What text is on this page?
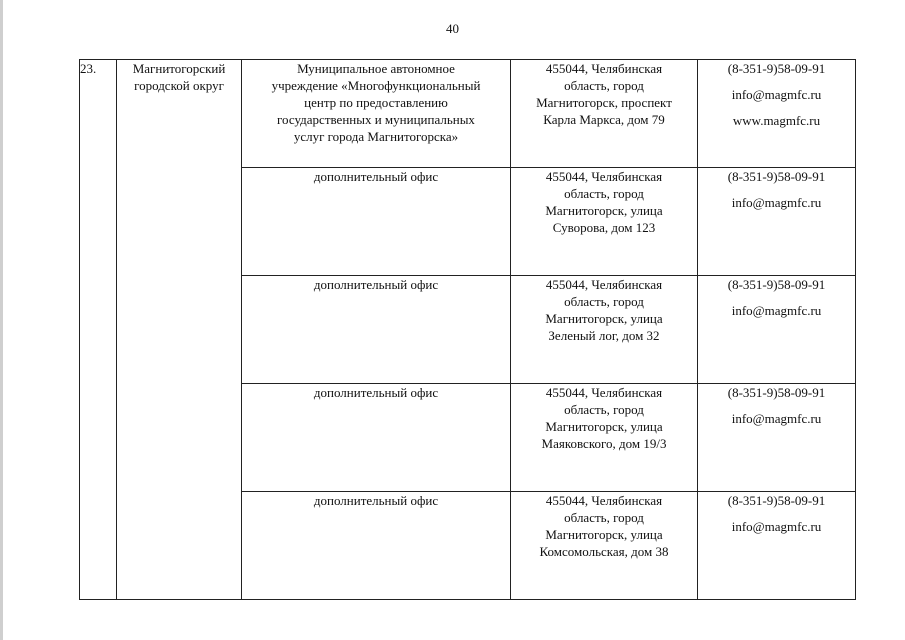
40
23.	Магнитогорский
городской округ	Муниципальное автономное
учреждение «Многофункциональный
центр по предоставлению
государственных и муниципальных
услуг города Магнитогорска»	455044, Челябинская
область, город
Магнитогорск, проспект
Карла Маркса, дом 79	(8-351-9)58-09-91
info@magmfc.ru
www.magmfc.ru

		дополнительный офис	455044, Челябинская
область, город
Магнитогорск, улица
Суворова, дом 123	(8-351-9)58-09-91
info@magmfc.ru

		дополнительный офис	455044, Челябинская
область, город
Магнитогорск, улица
Зеленый лог, дом 32	(8-351-9)58-09-91
info@magmfc.ru

		дополнительный офис	455044, Челябинская
область, город
Магнитогорск, улица
Маяковского, дом 19/3	(8-351-9)58-09-91
info@magmfc.ru

		дополнительный офис	455044, Челябинская
область, город
Магнитогорск, улица
Комсомольская, дом 38	(8-351-9)58-09-91
info@magmfc.ru
